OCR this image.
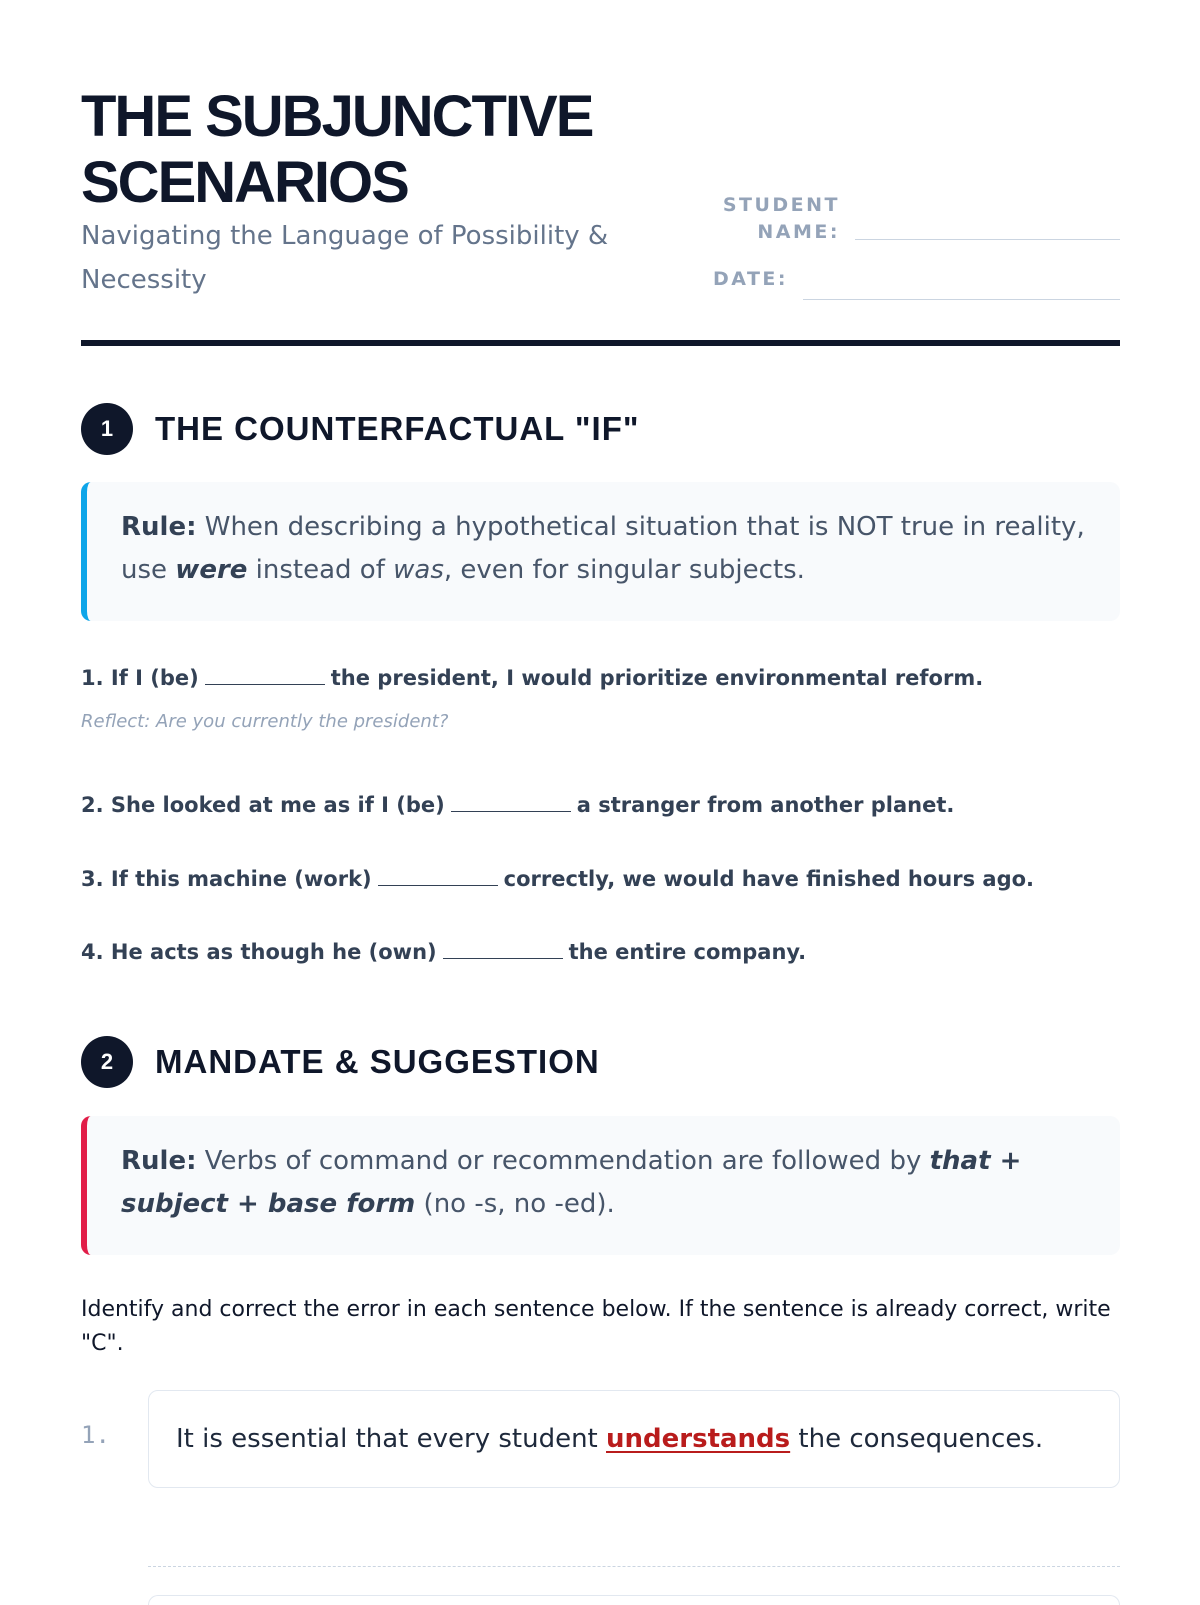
THE SUBJUNCTIVE
SCENARIOS

Navigating the Language of Possibility & Necessity

STUDENT
NAME:
DATE:
1	THE COUNTERFACTUAL "IF"
Rule: When describing a hypothetical situation that is NOT true in reality, use were instead of was, even for singular subjects.
1. If I (be)	the president, I would prioritize environmental reform.
Reflect: Are you currently the president?
2. She looked at me as if I (be)	a stranger from another planet.
3. If this machine (work)	correctly, we would have finished hours ago.
4. He acts as though he (own)	the entire company.
2	MANDATE & SUGGESTION
Rule: Verbs of command or recommendation are followed by that + subject + base form (no -s, no -ed).

Identify and correct the error in each sentence below. If the sentence is already correct, write "C".

1.	It is essential that every student
understands
the consequences.
